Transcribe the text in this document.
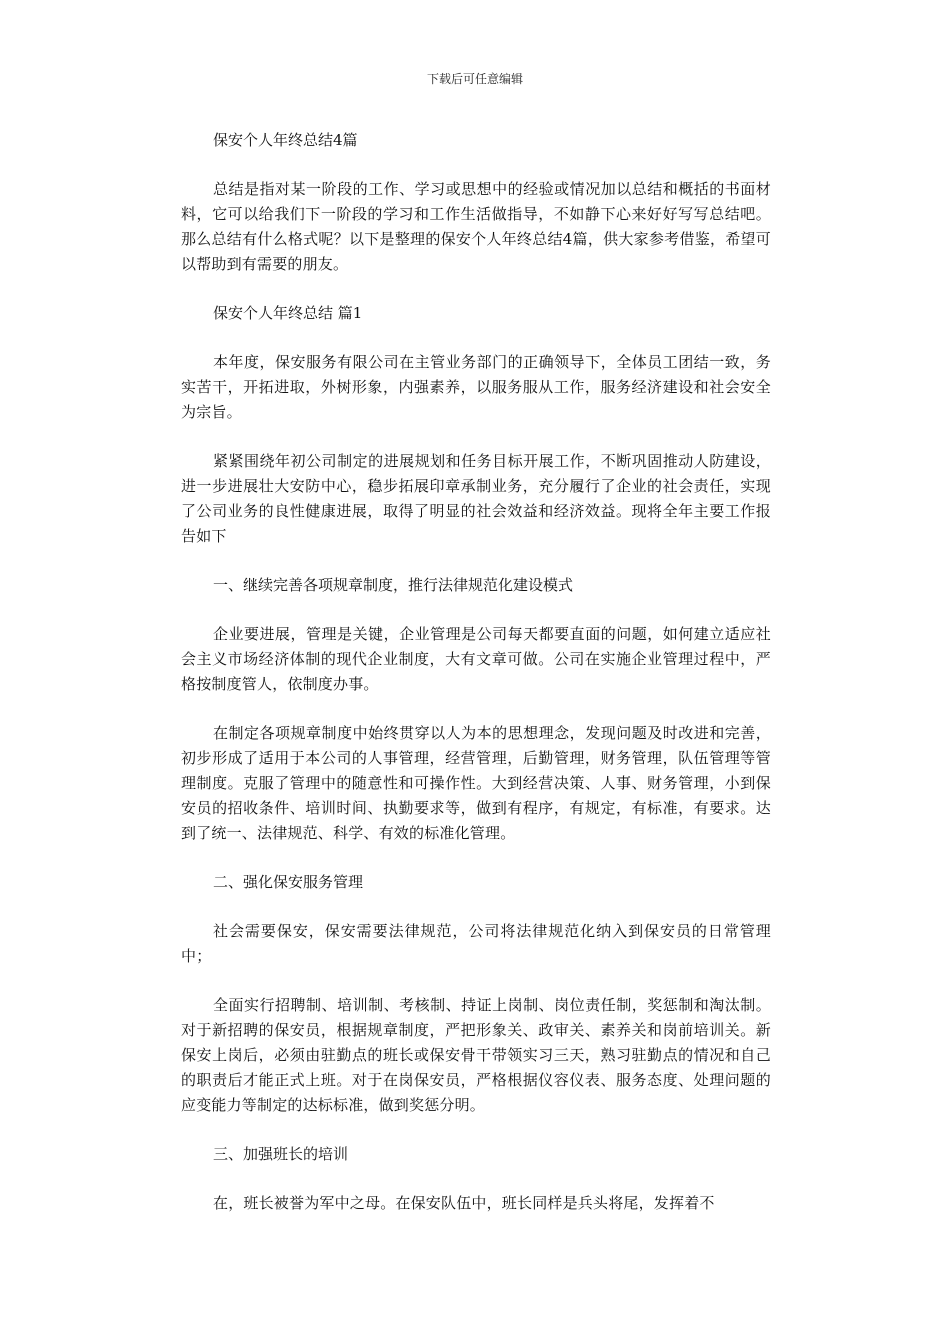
下载后可任意编辑

保安个人年终总结4篇

总结是指对某一阶段的工作、学习或思想中的经验或情况加以总结和概括的书面材料，它可以给我们下一阶段的学习和工作生活做指导，不如静下心来好好写写总结吧。那么总结有什么格式呢？以下是整理的保安个人年终总结4篇，供大家参考借鉴，希望可以帮助到有需要的朋友。

保安个人年终总结 篇1

本年度，保安服务有限公司在主管业务部门的正确领导下，全体员工团结一致，务实苦干，开拓进取，外树形象，内强素养，以服务服从工作，服务经济建设和社会安全为宗旨。

紧紧围绕年初公司制定的进展规划和任务目标开展工作，不断巩固推动人防建设，进一步进展壮大安防中心，稳步拓展印章承制业务，充分履行了企业的社会责任，实现了公司业务的良性健康进展，取得了明显的社会效益和经济效益。现将全年主要工作报告如下

一、继续完善各项规章制度，推行法律规范化建设模式

企业要进展，管理是关键，企业管理是公司每天都要直面的问题，如何建立适应社会主义市场经济体制的现代企业制度，大有文章可做。公司在实施企业管理过程中，严格按制度管人，依制度办事。

在制定各项规章制度中始终贯穿以人为本的思想理念，发现问题及时改进和完善，初步形成了适用于本公司的人事管理，经营管理，后勤管理，财务管理，队伍管理等管理制度。克服了管理中的随意性和可操作性。大到经营决策、人事、财务管理，小到保安员的招收条件、培训时间、执勤要求等，做到有程序，有规定，有标准，有要求。达到了统一、法律规范、科学、有效的标准化管理。

二、强化保安服务管理

社会需要保安，保安需要法律规范，公司将法律规范化纳入到保安员的日常管理中；

全面实行招聘制、培训制、考核制、持证上岗制、岗位责任制，奖惩制和淘汰制。对于新招聘的保安员，根据规章制度，严把形象关、政审关、素养关和岗前培训关。新保安上岗后，必须由驻勤点的班长或保安骨干带领实习三天，熟习驻勤点的情况和自己的职责后才能正式上班。对于在岗保安员，严格根据仪容仪表、服务态度、处理问题的应变能力等制定的达标标准，做到奖惩分明。

三、加强班长的培训

在，班长被誉为军中之母。在保安队伍中，班长同样是兵头将尾，发挥着不
